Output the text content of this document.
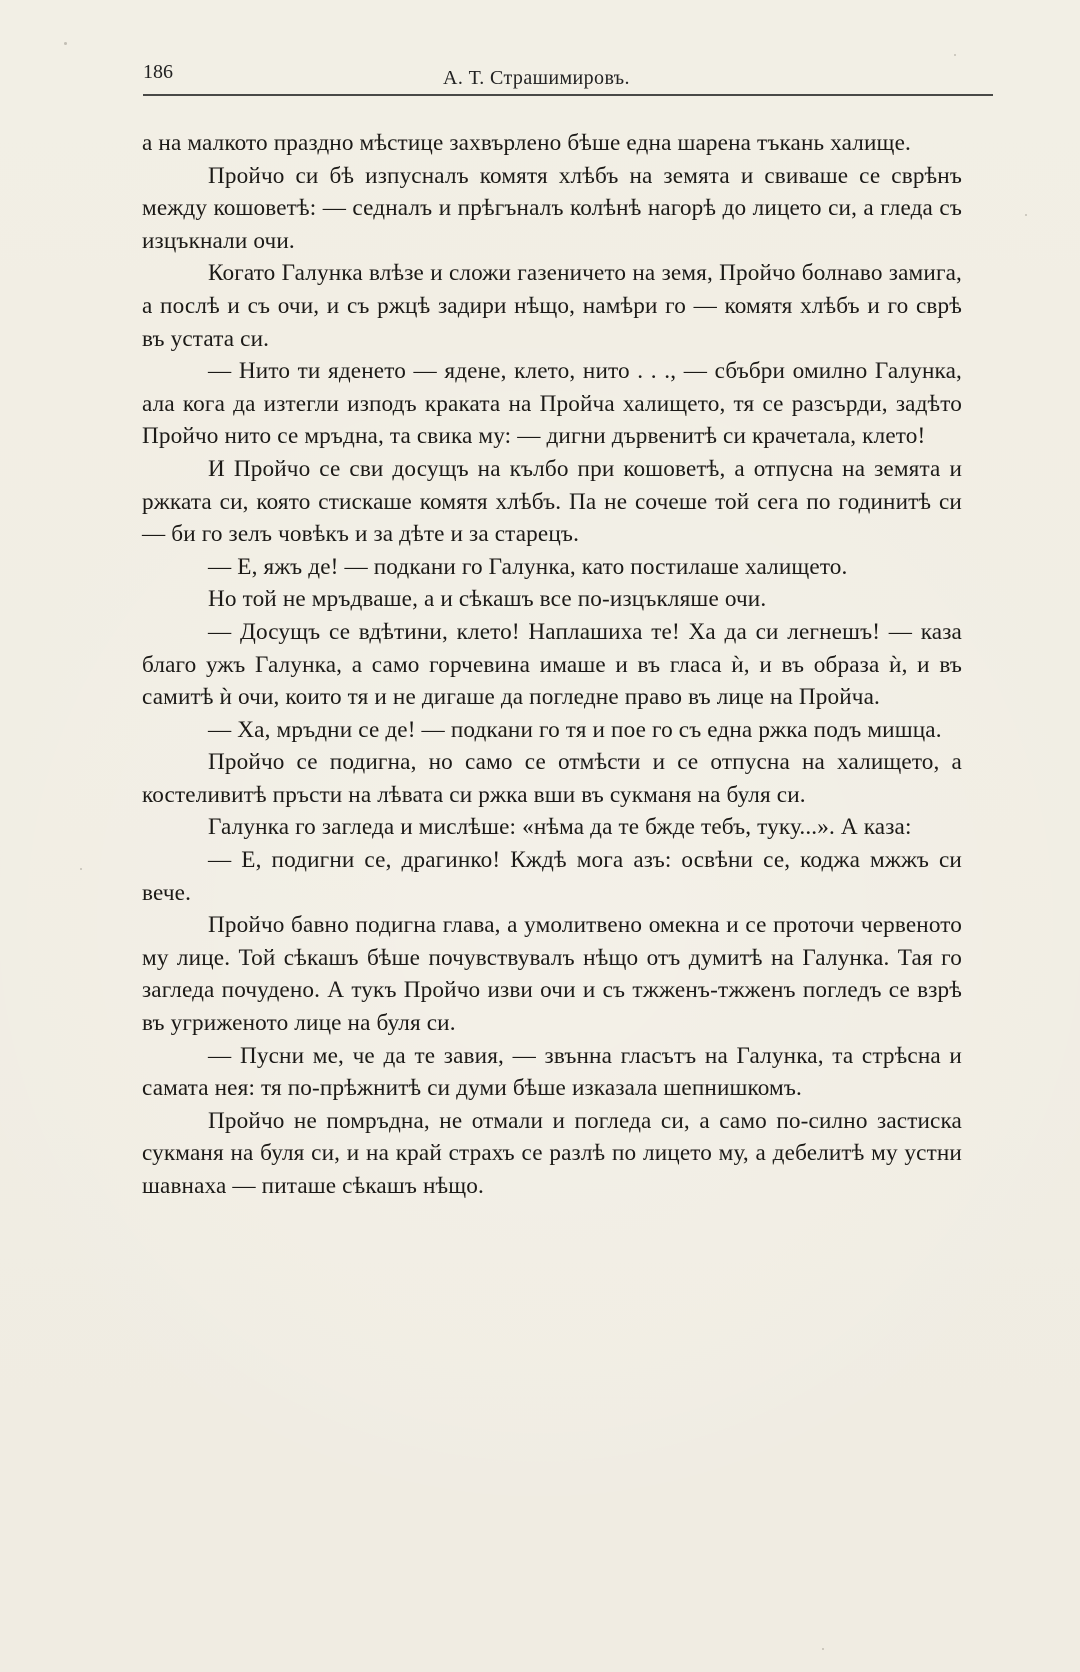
186	А. Т. Страшимировъ.

а на малкото праздно мѣстице захвърлено бѣше една шарена тъкань халище.

Пройчо си бѣ изпусналъ комятя хлѣбъ на земята и свиваше се сврѣнъ между кошоветѣ: — седналъ и прѣгъналъ колѣнѣ нагорѣ до лицето си, а гледа съ изцъкнали очи.

Когато Галунка влѣзе и сложи газеничето на земя, Пройчо болнаво замига, а послѣ и съ очи, и съ ржцѣ задири нѣщо, намѣри го — комятя хлѣбъ и го сврѣ въ устата си.

— Нито ти яденето — ядене, клето, нито . . ., — сбъбри омилно Галунка, ала кога да изтегли изподъ краката на Пройча халището, тя се разсърди, задѣто Пройчо нито се мръдна, та свика му: — дигни дървенитѣ си крачетала, клето!

И Пройчо се сви досущъ на кълбо при кошоветѣ, а отпусна на земята и ржката си, която стискаше комятя хлѣбъ. Па не сочеше той сега по годинитѣ си — би го зелъ човѣкъ и за дѣте и за старецъ.

— Е, яжъ де! — подкани го Галунка, като постилаше халището.

Но той не мръдваше, а и сѣкашъ все по-изцъкляше очи.

— Досущъ се вдѣтини, клето! Наплашиха те! Ха да си легнешъ! — каза благо ужъ Галунка, а само горчевина имаше и въ гласа ѝ, и въ образа ѝ, и въ самитѣ ѝ очи, които тя и не дигаше да погледне право въ лице на Пройча.

— Ха, мръдни се де! — подкани го тя и пое го съ една ржка подъ мишца.

Пройчо се подигна, но само се отмѣсти и се отпусна на халището, а костеливитѣ пръсти на лѣвата си ржка вши въ сукманя на буля си.

Галунка го загледа и мислѣше: «нѣма да те бжде тебъ, туку...». А каза:

— Е, подигни се, драгинко! Кждѣ мога азъ: освѣни се, коджа мжжъ си вече.

Пройчо бавно подигна глава, а умолитвено омекна и се проточи червеното му лице. Той сѣкашъ бѣше почувствувалъ нѣщо отъ думитѣ на Галунка. Тая го загледа почудено. А тукъ Пройчо изви очи и съ тжженъ-тжженъ погледъ се взрѣ въ угриженото лице на буля си.

— Пусни ме, че да те завия, — звънна гласътъ на Галунка, та стрѣсна и самата нея: тя по-прѣжнитѣ си думи бѣше изказала шепнишкомъ.

Пройчо не помръдна, не отмали и погледа си, а само по-силно застиска сукманя на буля си, и на край страхъ се разлѣ по лицето му, а дебелитѣ му устни шавнаха — питаше сѣкашъ нѣщо.
